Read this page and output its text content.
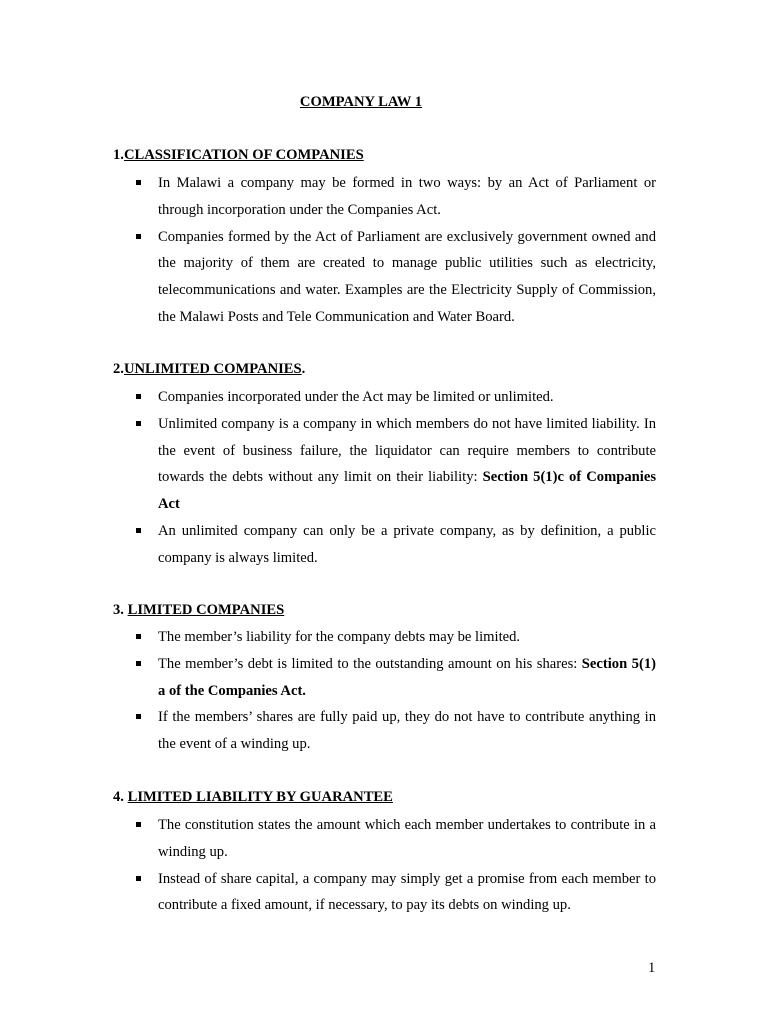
COMPANY LAW 1
1.CLASSIFICATION OF COMPANIES
In Malawi a company may be formed in two ways: by an Act of Parliament or through incorporation under the Companies Act.
Companies formed by the Act of Parliament are exclusively government owned and the majority of them are created to manage public utilities such as electricity, telecommunications and water. Examples are the Electricity Supply of Commission, the Malawi Posts and Tele Communication and Water Board.
2.UNLIMITED COMPANIES.
Companies incorporated under the Act may be limited or unlimited.
Unlimited company is a company in which members do not have limited liability. In the event of business failure, the liquidator can require members to contribute towards the debts without any limit on their liability: Section 5(1)c of Companies Act
An unlimited company can only be a private company, as by definition, a public company is always limited.
3. LIMITED COMPANIES
The member’s liability for the company debts may be limited.
The member’s debt is limited to the outstanding amount on his shares: Section 5(1) a of the Companies Act.
If the members’ shares are fully paid up, they do not have to contribute anything in the event of a winding up.
4. LIMITED LIABILITY BY GUARANTEE
The constitution states the amount which each member undertakes to contribute in a winding up.
Instead of share capital, a company may simply get a promise from each member to contribute a fixed amount, if necessary, to pay its debts on winding up.
1
